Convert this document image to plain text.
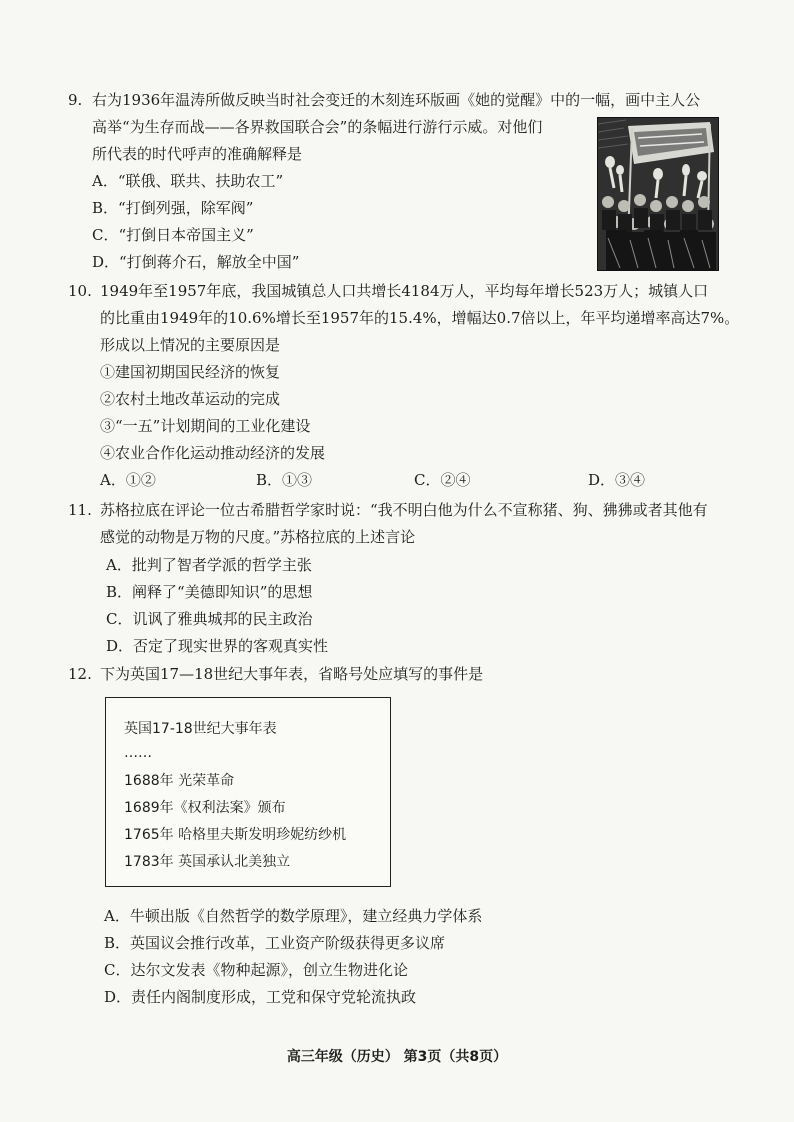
9. 右为1936年温涛所做反映当时社会变迁的木刻连环版画《她的觉醒》中的一幅，画中主人公
高举“为生存而战——各界救国联合会”的条幅进行游行示威。对他们
所代表的时代呼声的准确解释是
A．“联俄、联共、扶助农工”
B．“打倒列强，除军阀”
C．“打倒日本帝国主义”
D．“打倒蒋介石，解放全中国”
10. 1949年至1957年底，我国城镇总人口共增长4184万人，平均每年增长523万人；城镇人口
的比重由1949年的10.6%增长至1957年的15.4%，增幅达0.7倍以上，年平均递增率高达7%。
形成以上情况的主要原因是
①建国初期国民经济的恢复
②农村土地改革运动的完成
③“一五”计划期间的工业化建设
④农业合作化运动推动经济的发展
A．①②	B．①③	C．②④	D．③④
11. 苏格拉底在评论一位古希腊哲学家时说：“我不明白他为什么不宣称猪、狗、狒狒或者其他有
感觉的动物是万物的尺度。”苏格拉底的上述言论
A．批判了智者学派的哲学主张
B．阐释了“美德即知识”的思想
C．讥讽了雅典城邦的民主政治
D．否定了现实世界的客观真实性
12. 下为英国17—18世纪大事年表，省略号处应填写的事件是
英国17-18世纪大事年表
……
1688年 光荣革命
1689年《权利法案》颁布
1765年 哈格里夫斯发明珍妮纺纱机
1783年 英国承认北美独立
A．牛顿出版《自然哲学的数学原理》，建立经典力学体系
B．英国议会推行改革，工业资产阶级获得更多议席
C．达尔文发表《物种起源》，创立生物进化论
D．责任内阁制度形成，工党和保守党轮流执政
高三年级（历史） 第3页（共8页）
